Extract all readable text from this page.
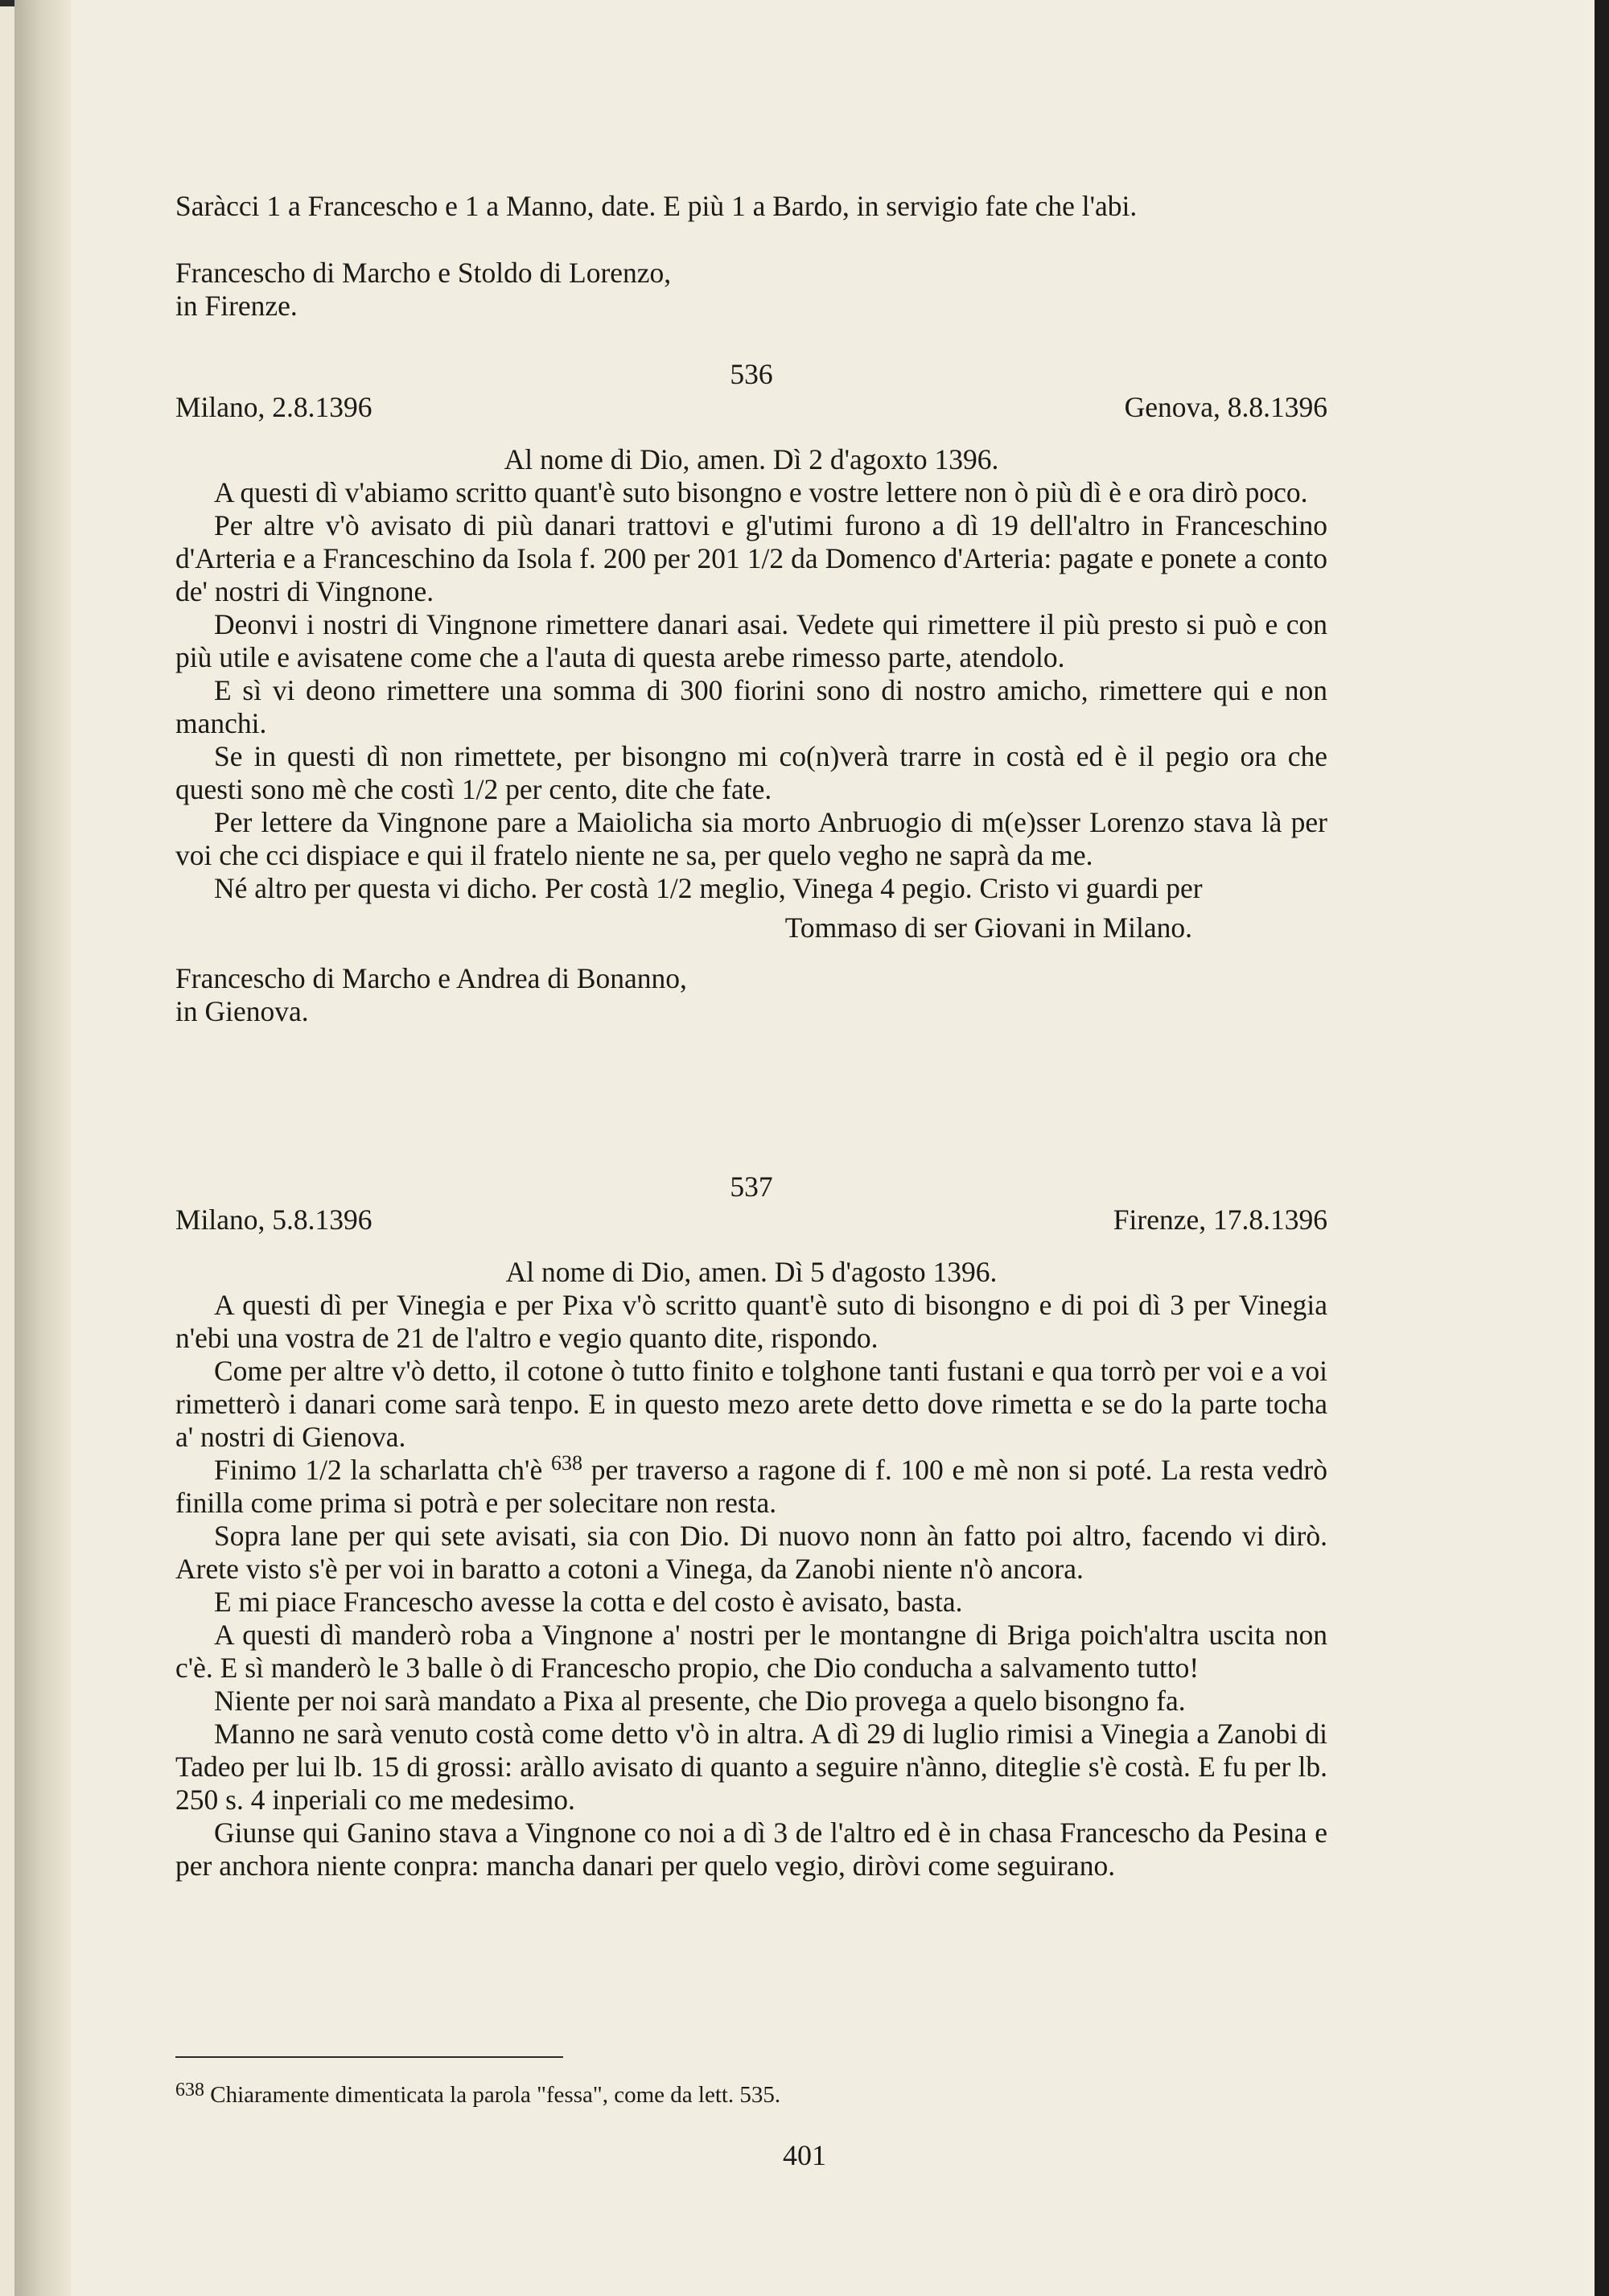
Saràcci 1 a Francescho e 1 a Manno, date. E più 1 a Bardo, in servigio fate che l'abi.

Francescho di Marcho e Stoldo di Lorenzo,

in Firenze.

536
Milano, 2.8.1396	Genova, 8.8.1396

Al nome di Dio, amen. Dì 2 d'agoxto 1396.

A questi dì v'abiamo scritto quant'è suto bisongno e vostre lettere non ò più dì è e ora dirò poco.

Per altre v'ò avisato di più danari trattovi e gl'utimi furono a dì 19 dell'altro in Franceschino d'Arteria e a Franceschino da Isola f. 200 per 201 1/2 da Domenco d'Arteria: pagate e ponete a conto de' nostri di Vingnone.

Deonvi i nostri di Vingnone rimettere danari asai. Vedete qui rimettere il più presto si può e con più utile e avisatene come che a l'auta di questa arebe rimesso parte, atendolo.

E sì vi deono rimettere una somma di 300 fiorini sono di nostro amicho, rimettere qui e non manchi.

Se in questi dì non rimettete, per bisongno mi co(n)verà trarre in costà ed è il pegio ora che questi sono mè che costì 1/2 per cento, dite che fate.

Per lettere da Vingnone pare a Maiolicha sia morto Anbruogio di m(e)sser Lorenzo stava là per voi che cci dispiace e qui il fratelo niente ne sa, per quelo vegho ne saprà da me.

Né altro per questa vi dicho. Per costà 1/2 meglio, Vinega 4 pegio. Cristo vi guardi per

Tommaso di ser Giovani in Milano.

Francescho di Marcho e Andrea di Bonanno,

in Gienova.

537
Milano, 5.8.1396	Firenze, 17.8.1396

Al nome di Dio, amen. Dì 5 d'agosto 1396.

A questi dì per Vinegia e per Pixa v'ò scritto quant'è suto di bisongno e di poi dì 3 per Vinegia n'ebi una vostra de 21 de l'altro e vegio quanto dite, rispondo.

Come per altre v'ò detto, il cotone ò tutto finito e tolghone tanti fustani e qua torrò per voi e a voi rimetterò i danari come sarà tenpo. E in questo mezo arete detto dove rimetta e se do la parte tocha a' nostri di Gienova.

Finimo 1/2 la scharlatta ch'è $^{638}$ per traverso a ragone di f. 100 e mè non si poté. La resta vedrò finilla come prima si potrà e per solecitare non resta.

Sopra lane per qui sete avisati, sia con Dio. Di nuovo nonn àn fatto poi altro, facendo vi dirò. Arete visto s'è per voi in baratto a cotoni a Vinega, da Zanobi niente n'ò ancora.

E mi piace Francescho avesse la cotta e del costo è avisato, basta.

A questi dì manderò roba a Vingnone a' nostri per le montangne di Briga poich'altra uscita non c'è. E sì manderò le 3 balle ò di Francescho propio, che Dio conducha a salvamento tutto!

Niente per noi sarà mandato a Pixa al presente, che Dio provega a quelo bisongno fa.

Manno ne sarà venuto costà come detto v'ò in altra. A dì 29 di luglio rimisi a Vinegia a Zanobi di Tadeo per lui lb. 15 di grossi: aràllo avisato di quanto a seguire n'ànno, diteglie s'è costà. E fu per lb. 250 s. 4 inperiali co me medesimo.

Giunse qui Ganino stava a Vingnone co noi a dì 3 de l'altro ed è in chasa Francescho da Pesina e per anchora niente conpra: mancha danari per quelo vegio, diròvi come seguirano.

$^{638}$ Chiaramente dimenticata la parola "fessa", come da lett. 535.
401
